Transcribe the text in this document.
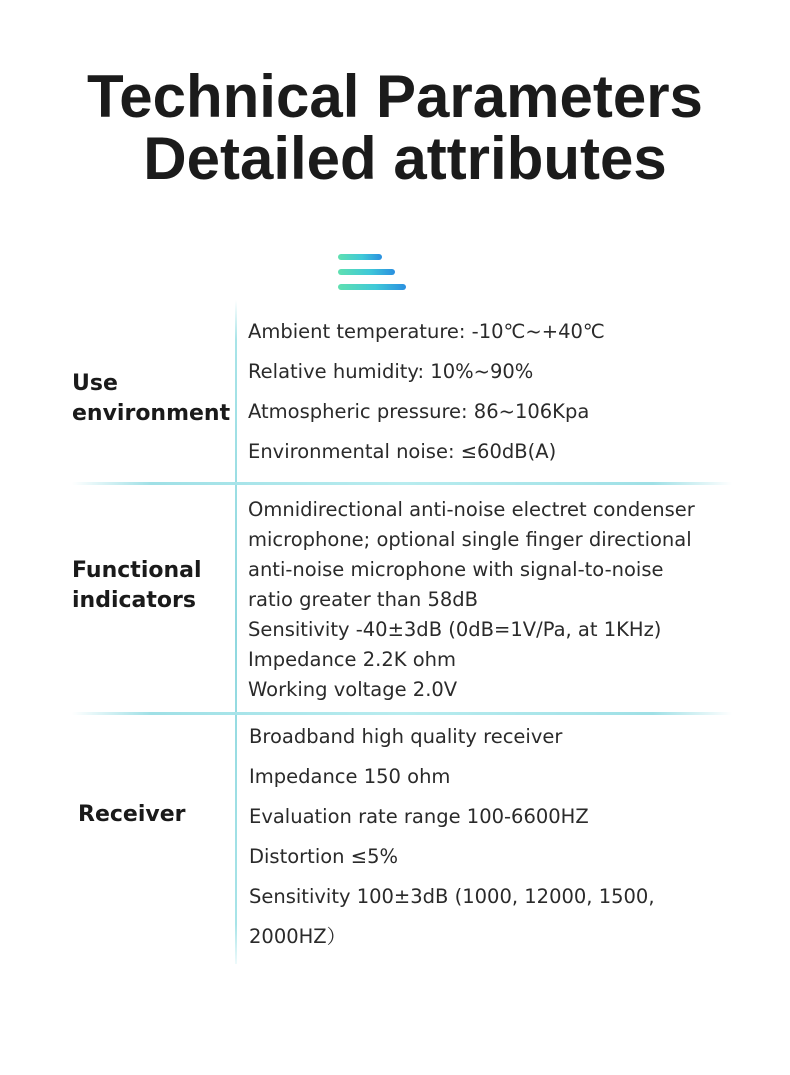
Technical Parameters
Detailed attributes
Use
environment
Ambient temperature: -10℃~+40℃
Relative humidity: 10%~90%
Atmospheric pressure: 86~106Kpa
Environmental noise: ≤60dB(A)
Functional
indicators
Omnidirectional anti-noise electret condenser
microphone; optional single finger directional
anti-noise microphone with signal-to-noise
ratio greater than 58dB
Sensitivity -40±3dB (0dB=1V/Pa, at 1KHz)
Impedance 2.2K ohm
Working voltage 2.0V
Receiver
Broadband high quality receiver
Impedance 150 ohm
Evaluation rate range 100-6600HZ
Distortion ≤5%
Sensitivity 100±3dB (1000, 12000, 1500,
2000HZ）
